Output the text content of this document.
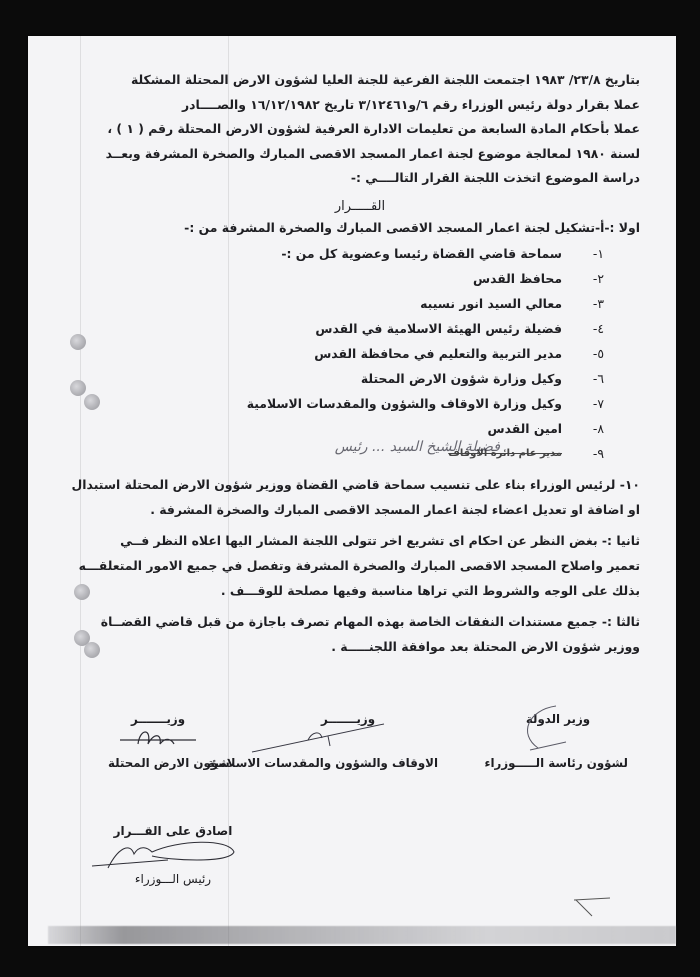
بتاريخ ٢٣/٨/ ١٩٨٣ اجتمعت اللجنة الفرعية للجنة العليا لشؤون الارض المحتلة المشكلة
عملا بقرار دولة رئيس الوزراء رقم ٦/و٣/١٢٤٦١ تاريخ ١٦/١٢/١٩٨٢ والصــــادر
عملا بأحكام المادة السابعة من تعليمات الادارة العرفية لشؤون الارض المحتلة رقم ( ١ ) ،
لسنة ١٩٨٠ لمعالجة موضوع لجنة اعمار المسجد الاقصى المبارك والصخرة المشرفة وبعــد
دراسة الموضوع اتخذت اللجنة القرار التالــــي :-
القـــــرار
اولا :-أ-تشكيل لجنة اعمار المسجد الاقصى المبارك والصخرة المشرفة من :-
١-
سماحة قاضي القضاة رئيسا وعضوية كل من :-
٢-
محافظ القدس
٣-
معالي السيد انور نسيبه
٤-
فضيلة رئيس الهيئة الاسلامية في القدس
٥-
مدير التربية والتعليم في محافظة القدس
٦-
وكيل وزارة شؤون الارض المحتلة
٧-
وكيل وزارة الاوقاف والشؤون والمقدسات الاسلامية
٨-
امين القدس
٩-
مدير عام دائرة الاوقاف
فضيلة الشيخ السيد ... رئيس
١٠- لرئيس الوزراء بناء على تنسيب سماحة قاضي القضاة ووزير شؤون الارض المحتلة استبدال
او اضافة او تعديل اعضاء لجنة اعمار المسجد الاقصى المبارك والصخرة المشرفة .
ثانيا :- بغض النظر عن احكام اى تشريع اخر تتولى اللجنة المشار اليها اعلاه النظر فــي
تعمير واصلاح المسجد الاقصى المبارك والصخرة المشرفة وتفصل في جميع الامور المتعلقـــه
بذلك على الوجه والشروط التي تراها مناسبة وفيها مصلحة للوقـــف .
ثالثا :- جميع مستندات النفقات الخاصة بهذه المهام تصرف باجازة من قبل قاضي القضــاة
ووزير شؤون الارض المحتلة بعد موافقة اللجنـــــة .
وزير الدولة
لشؤون رئاسة الـــــوزراء
وزيـــــــر
الاوقاف والشؤون والمقدسات الاسلامية
وزيـــــــر
شؤون الارض المحتلة
اصادق على القـــرار
رئيس الـــوزراء
